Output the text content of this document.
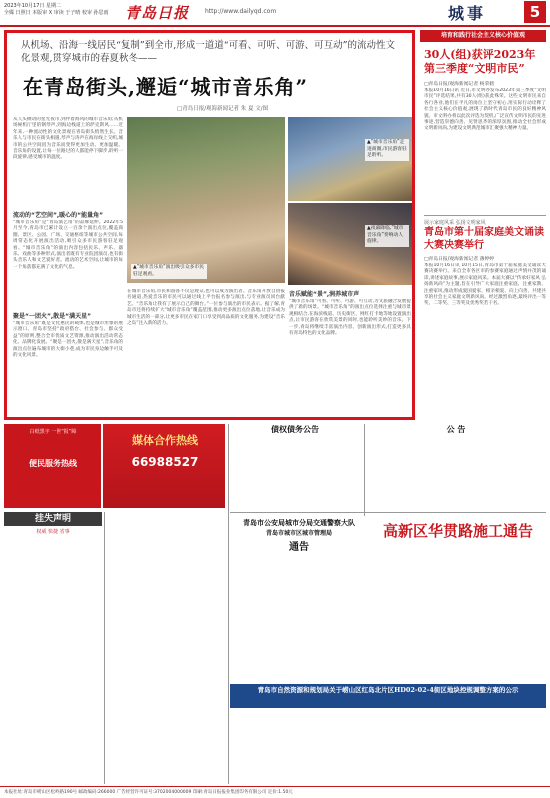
2023年10月17日 星期二
全媒 日照日 本版审 X 审读 于子晴 校审 孙思雨	青岛日报	http://www.dailyqd.com	城事	5
从机场、沿海一线居民“复制”到全市,形成一道道“可看、可听、可游、可互动”的流动性文化景观,贯穿城市的春夏秋冬——
在青岛街头,邂逅“城市音乐角”
□青岛日报/观海新闻记者 朱 夏 文/图
从人头攒动的星光夜市,到伴着海风的城市音乐角;从机场候机厅里的钢琴声,到海边栈道上的萨克斯风……近年来,一种流动性的文化景观在青岛街头悄然生长。音乐人与市民在街头相遇,琴声与涛声在海岸线上交织,城市的公共空间因为音乐而变得更加生动、更加温暖。音乐角的设置,让每一位路过的人都能停下脚步,聆听一段旋律,感受城市的温度。
流动的“艺空间”,暖心的“能量角”
“城市音乐角”是“青岛演艺角”的品牌延伸。2022年5月至今,青岛市已累计设立一百余个演出点位,覆盖商圈、景区、公园、广场、交通枢纽等城市公共空间,每周常态化开展演出活动,吸引众多市民游客驻足观看。“城市音乐角”的演出内容包括民乐、声乐、器乐、戏曲等多种形式,演出者既有专业院团演员,也有街头音乐人和文艺爱好者。流动的艺术空间,让城市的每一个角落都充满了文化的气息。
聚是“一团火”,散是“满天星”
“城市音乐角”既是文化惠民的载体,也是城市形象的展示窗口。青岛市坚持“政府搭台、社会参与、群众受益”的原则,整合全市优质文艺资源,推动演出活动常态化、品牌化发展。“聚是一团火,散是满天星”,音乐角的演出点位遍布城市的大街小巷,成为市民身边触手可及的文化风景。
▲“城市音乐角”演出吸引众多市民驻足观看。
▲“城市音乐角”走进商圈,市民游客驻足聆听。
▲夜幕降临,“城市音乐角”奏响动人旋律。
在城市音乐角,市民和游客不仅是观众,也可以成为演出者。音乐角开放自由报名通道,热爱音乐的市民可以通过线上平台报名参与演出,与专业演员同台献艺。“音乐角让我有了展示自己的舞台。”一位参与演出的市民表示。据了解,青岛市还将持续扩大“城市音乐角”覆盖范围,推动更多演出点位落地,让音乐成为城市生活的一部分,让更多市民在家门口享受到高品质的文化服务,为建设“音乐之岛”注入新的活力。
音乐赋能“景”,润养城市声
“城市音乐角”可看、可听、可游、可互动,为文旅融合发展提供了新的场景。“城市音乐角”的演出点位选择注重与城市景观相结合,在海滨栈道、历史街区、网红打卡地等地设置演出点,让市民游客在欣赏美景的同时,也能聆听美妙的音乐。下一步,青岛将继续丰富演出内容、创新演出形式,打造更多具有青岛特色的文化品牌。
培育和践行社会主义核心价值观
30人(组)获评2023年第三季度“文明市民”
□青岛日报/观海新闻记者 杨荣鹤
本报10月16日讯 近日,市文明办发布2023年第三季度“文明市民”评选结果,共有30人(组)获此殊荣。这些文明市民来自各行各业,他们在平凡的岗位上坚守初心,用实际行动诠释了社会主义核心价值观,展现了新时代青岛市民的良好精神风貌。市文明办将以此次评选为契机,广泛宣传文明市民的先进事迹,营造崇德向善、见贤思齐的浓厚氛围,推动全社会形成文明新风尚,为建设文明典范城市汇聚强大精神力量。
展示家庭风采 弘扬文明家风
青岛市第十届家庭美文诵读大赛决赛举行
□青岛日报/观海新闻记者 薄婷婷
本报10月16日讯 10月15日,青岛市第十届家庭美文诵读大赛决赛举行。来自全市各区市的参赛家庭通过声情并茂的诵读,讲述家庭故事,展示家庭风采。本届大赛以“传承好家风 弘扬新风尚”为主题,旨在引导广大家庭注重家庭、注重家教、注重家风,推动形成爱国爱家、相亲相爱、向上向善、共建共享的社会主义家庭文明新风尚。经过激烈角逐,最终评出一等奖、二等奖、三等奖及优秀奖若干名。
白纸黑字 一世“报”障
便民服务热线
媒体合作热线
66988527
债权债务公告	公 告
青岛市公安局城市分局交通警察大队
青岛市城市区城市管理局
通告
高新区华贯路施工通告
青岛市自然资源和规划局关于崂山区红岛北片区HD02-02-4街区地块控规调整方案的公示
挂失声明
权威 快捷 省事
本报社址:青岛市崂山区松岭路190号 邮政编码:266000 广告经营许可证号:3702004000009 印刷:青岛日报报业集团印务有限公司 定价:1.50元
